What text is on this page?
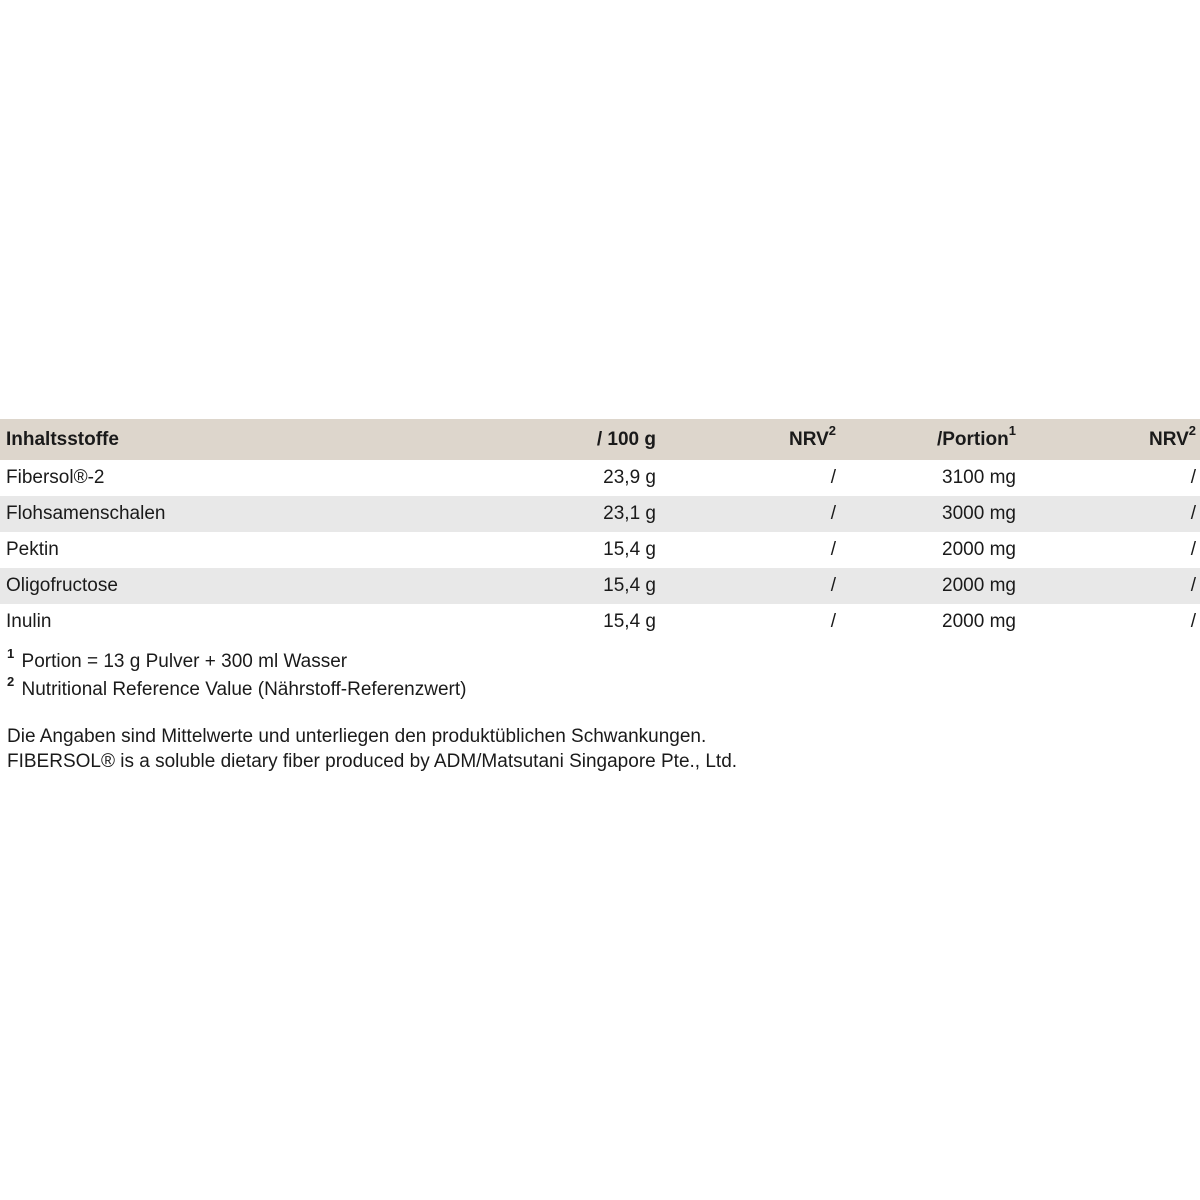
Inhaltsstoffe	/ 100 g	NRV$^2$	/Portion$^1$	NRV$^2$
Fibersol®-2	23,9 g	/	3100 mg	/
Flohsamenschalen	23,1 g	/	3000 mg	/
Pektin	15,4 g	/	2000 mg	/
Oligofructose	15,4 g	/	2000 mg	/
Inulin	15,4 g	/	2000 mg	/
$^1$ Portion = 13 g Pulver + 300 ml Wasser
$^2$ Nutritional Reference Value (Nährstoff-Referenzwert)
Die Angaben sind Mittelwerte und unterliegen den produktüblichen Schwankungen.
FIBERSOL® is a soluble dietary fiber produced by ADM/Matsutani Singapore Pte., Ltd.
